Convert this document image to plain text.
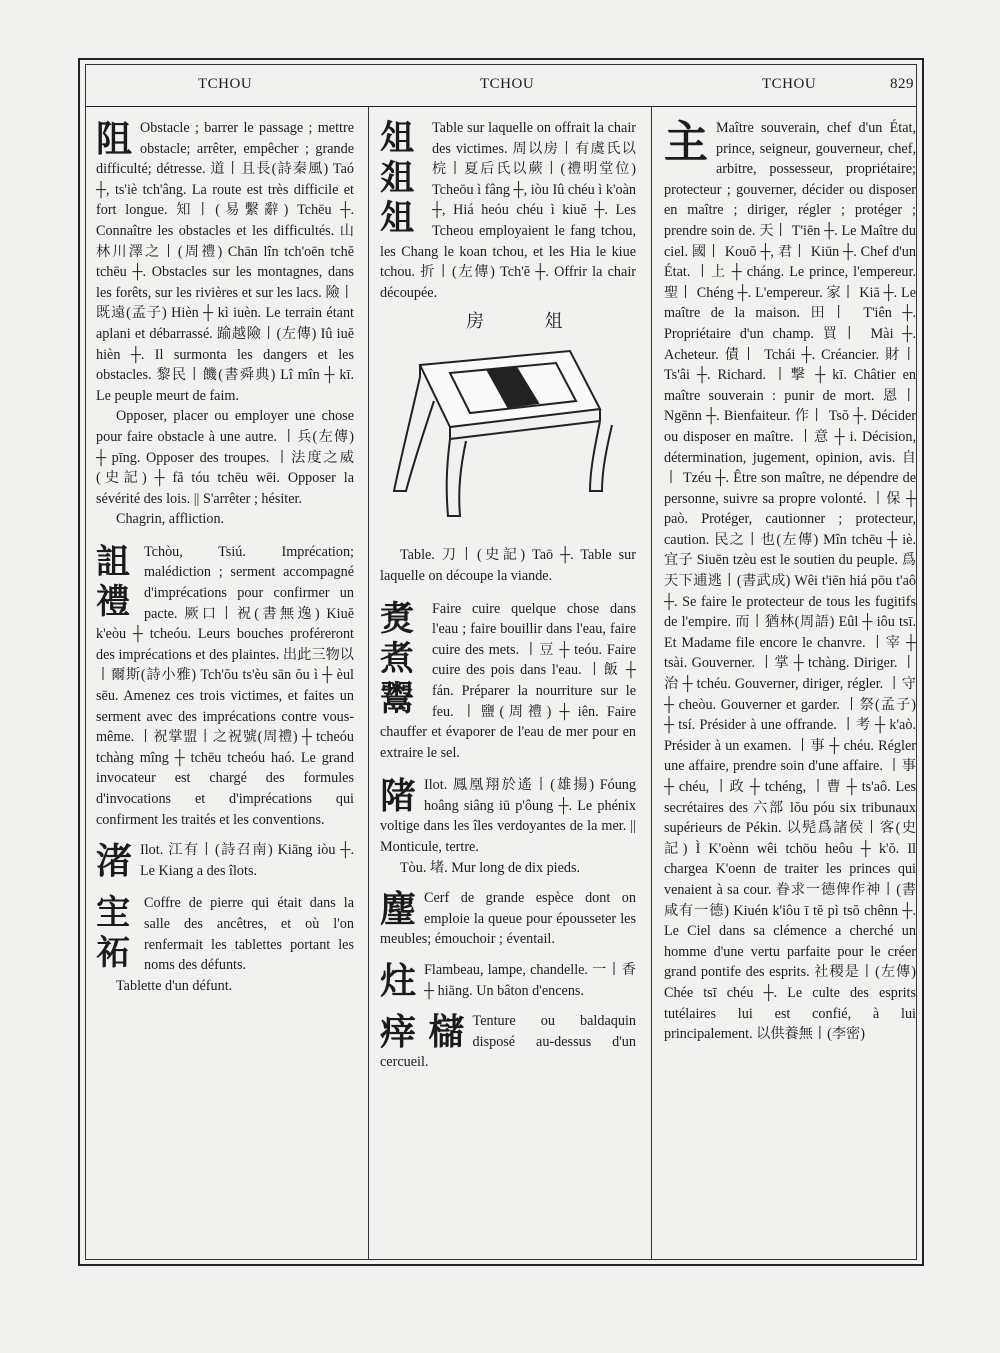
TCHOU	TCHOU	TCHOU	829
阻 Obstacle ; barrer le passage ; mettre obstacle; arrêter, empêcher ; grande difficulté; détresse. 道丨且長(詩秦風) Taó ┼, ts'iè tch'âng. La route est très difficile et fort longue. 知丨(易繫辭) Tchēu ┼. Connaître les obstacles et les difficultés. 山林川澤之丨(周禮) Chān lîn tch'oēn tchĕ tchēu ┼. Obstacles sur les montagnes, dans les forêts, sur les rivières et sur les lacs. 險丨既遠(孟子) Hièn ┼ kì iuèn. Le terrain étant aplani et débarrassé. 踰越險丨(左傳) Iû iuĕ hièn ┼. Il surmonta les dangers et les obstacles. 黎民丨饑(書舜典) Lî mîn ┼ kī. Le peuple meurt de faim.

Opposer, placer ou employer une chose pour faire obstacle à une autre. 丨兵(左傳) ┼ pīng. Opposer des troupes. 丨法度之威(史記) ┼ fă tóu tchēu wēi. Opposer la sévérité des lois. || S'arrêter ; hésiter.

Chagrin, affliction.

詛
禮

Tchòu, Tsiú. Imprécation; malédiction ; serment accompagné d'imprécations pour confirmer un pacte. 厥口丨祝(書無逸) Kiuĕ k'eòu ┼ tcheóu. Leurs bouches proféreront des imprécations et des plaintes. 出此三物以丨爾斯(詩小雅) Tch'ŏu ts'èu sān ŏu ì ┼ èul sēu. Amenez ces trois victimes, et faites un serment avec des imprécations contre vous-même. 丨祝掌盟丨之祝號(周禮) ┼ tcheóu tchàng mîng ┼ tchēu tcheóu haó. Le grand invocateur est chargé des formules d'invocations et d'imprécations qui confirment les traités et les conventions.

渚 Ilot. 江有丨(詩召南) Kiāng iòu ┼. Le Kiang a des îlots.

宔
祏

Coffre de pierre qui était dans la salle des ancêtres, et où l'on renfermait les tablettes portant les noms des défunts.

Tablette d'un défunt.

俎
爼
俎

Table sur laquelle on offrait la chair des victimes. 周以房丨有虞氏以梡丨夏后氏以蕨丨(禮明堂位) Tcheōu ì fâng ┼, iòu Iû chéu ì k'oàn ┼, Hiá heóu chéu ì kiuĕ ┼. Les Tcheou employaient le fang tchou, les Chang le koan tchou, et les Hia le kiue tchou. 折丨(左傳) Tch'ĕ ┼. Offrir la chair découpée.

房 俎

Table. 刀丨(史記) Taō ┼. Table sur laquelle on découpe la viande.

煑
煮
鬻

Faire cuire quelque chose dans l'eau ; faire bouillir dans l'eau, faire cuire des mets. 丨豆 ┼ teóu. Faire cuire des pois dans l'eau. 丨飯 ┼ fán. Préparer la nourriture sur le feu. 丨鹽(周禮) ┼ iên. Faire chauffer et évaporer de l'eau de mer pour en extraire le sel.

陼 Ilot. 鳳凰翔於遙丨(雄揚) Fóung hoâng siâng iū p'ôung ┼. Le phénix voltige dans les îles verdoyantes de la mer. || Monticule, tertre.

Tòu. 堵. Mur long de dix pieds.

麈 Cerf de grande espèce dont on emploie la queue pour épousseter les meubles; émouchoir ; éventail.

炷 Flambeau, lampe, chandelle. 一丨香 ┼ hiāng. Un bâton d'encens.

㾕 櫧 Tenture ou baldaquin disposé au-dessus d'un cercueil.

主 Maître souverain, chef d'un État, prince, seigneur, gouverneur, chef, arbitre, possesseur, propriétaire; protecteur ; gouverner, décider ou disposer en maître ; diriger, régler ; protéger ; prendre soin de. 天丨 T'iēn ┼. Le Maître du ciel. 國丨 Kouŏ ┼, 君丨 Kiūn ┼. Chef d'un État. 丨上 ┼ cháng. Le prince, l'empereur. 聖丨 Chéng ┼. L'empereur. 家丨 Kiā ┼. Le maître de la maison. 田丨 T'iên ┼. Propriétaire d'un champ. 買丨 Mài ┼. Acheteur. 債丨 Tchái ┼. Créancier. 財丨 Ts'âi ┼. Richard. 丨撃 ┼ kī. Châtier en maître souverain : punir de mort. 恩丨 Ngēnn ┼. Bienfaiteur. 作丨 Tsŏ ┼. Décider ou disposer en maître. 丨意 ┼ i. Décision, détermination, jugement, opinion, avis. 自丨 Tzéu ┼. Être son maître, ne dépendre de personne, suivre sa propre volonté. 丨保 ┼ paò. Protéger, cautionner ; protecteur, caution. 民之丨也(左傳) Mîn tchēu ┼ iè. 宜子 Siuēn tzèu est le soutien du peuple. 爲天下逋逃丨(書武成) Wêi t'iēn hiá pōu t'aô ┼. Se faire le protecteur de tous les fugitifs de l'empire. 而丨猶林(周語) Eûl ┼ iôu tsī. Et Madame file encore le chanvre. 丨宰 ┼ tsài. Gouverner. 丨掌 ┼ tchàng. Diriger. 丨治 ┼ tchéu. Gouverner, diriger, régler. 丨守 ┼ cheòu. Gouverner et garder. 丨祭(孟子) ┼ tsí. Présider à une offrande. 丨考 ┼ k'aò. Présider à un examen. 丨事 ┼ chéu. Régler une affaire, prendre soin d'une affaire. 丨事 ┼ chéu, 丨政 ┼ tchéng, 丨曹 ┼ ts'aô. Les secrétaires des 六部 lŏu póu six tribunaux supérieurs de Pékin. 以髡爲諸侯丨客(史記) Ì K'oènn wêi tchōu heôu ┼ k'ŏ. Il chargea K'oenn de traiter les princes qui venaient à sa cour. 眷求一德俾作神丨(書咸有一德) Kiuén k'iôu ī tĕ pì tsŏ chênn ┼. Le Ciel dans sa clémence a cherché un homme d'une vertu parfaite pour le créer grand pontife des esprits. 社稷是丨(左傳) Chée tsī chéu ┼. Le culte des esprits tutélaires lui est confié, à lui principalement. 以供養無丨(李密)
